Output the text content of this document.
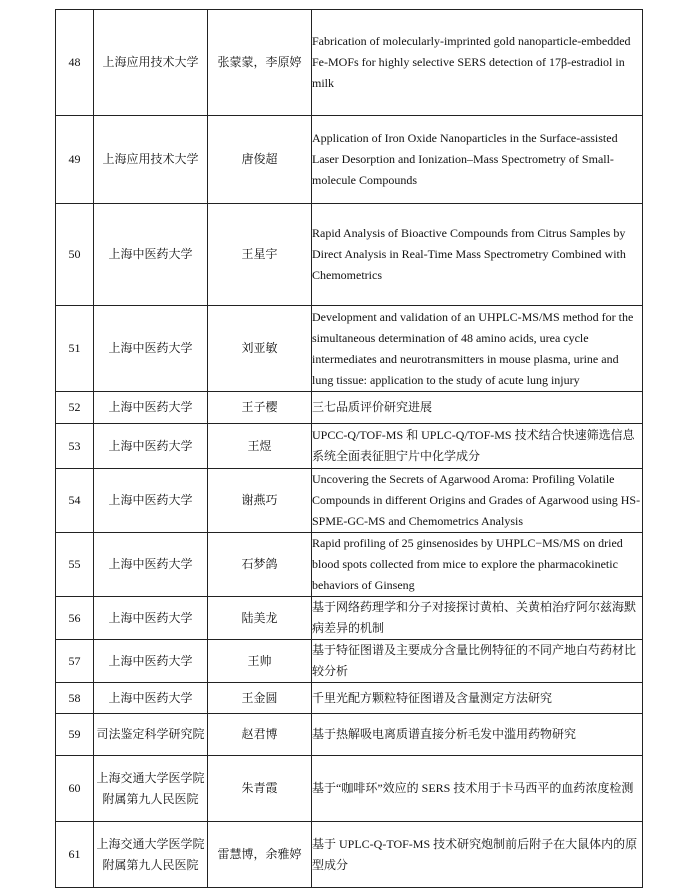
48	上海应用技术大学	张蒙蒙，李原婷	Fabrication of molecularly-imprinted gold nanoparticle-embedded Fe-MOFs for highly selective SERS detection of 17β-estradiol in milk
49	上海应用技术大学	唐俊超	Application of Iron Oxide Nanoparticles in the Surface-assisted Laser Desorption and Ionization–Mass Spectrometry of Small-molecule Compounds
50	上海中医药大学	王星宇	Rapid Analysis of Bioactive Compounds from Citrus Samples by Direct Analysis in Real-Time Mass Spectrometry Combined with Chemometrics
51	上海中医药大学	刘亚敏	Development and validation of an UHPLC-MS/MS method for the simultaneous determination of 48 amino acids, urea cycle intermediates and neurotransmitters in mouse plasma, urine and lung tissue: application to the study of acute lung injury
52	上海中医药大学	王子樱	三七品质评价研究进展
53	上海中医药大学	王煜	UPCC-Q/TOF-MS 和 UPLC-Q/TOF-MS 技术结合快速筛选信息系统全面表征胆宁片中化学成分
54	上海中医药大学	谢燕巧	Uncovering the Secrets of Agarwood Aroma: Profiling Volatile Compounds in different Origins and Grades of Agarwood using HS-SPME-GC-MS and Chemometrics Analysis
55	上海中医药大学	石梦鸽	Rapid profiling of 25 ginsenosides by UHPLC−MS/MS on dried blood spots collected from mice to explore the pharmacokinetic behaviors of Ginseng
56	上海中医药大学	陆美龙	基于网络药理学和分子对接探讨黄柏、关黄柏治疗阿尔兹海默病差异的机制
57	上海中医药大学	王帅	基于特征图谱及主要成分含量比例特征的不同产地白芍药材比较分析
58	上海中医药大学	王金圆	千里光配方颗粒特征图谱及含量测定方法研究
59	司法鉴定科学研究院	赵君博	基于热解吸电离质谱直接分析毛发中滥用药物研究
60	上海交通大学医学院附属第九人民医院	朱青霞	基于“咖啡环”效应的 SERS 技术用于卡马西平的血药浓度检测
61	上海交通大学医学院附属第九人民医院	雷慧博，余雅婷	基于 UPLC-Q-TOF-MS 技术研究炮制前后附子在大鼠体内的原型成分
